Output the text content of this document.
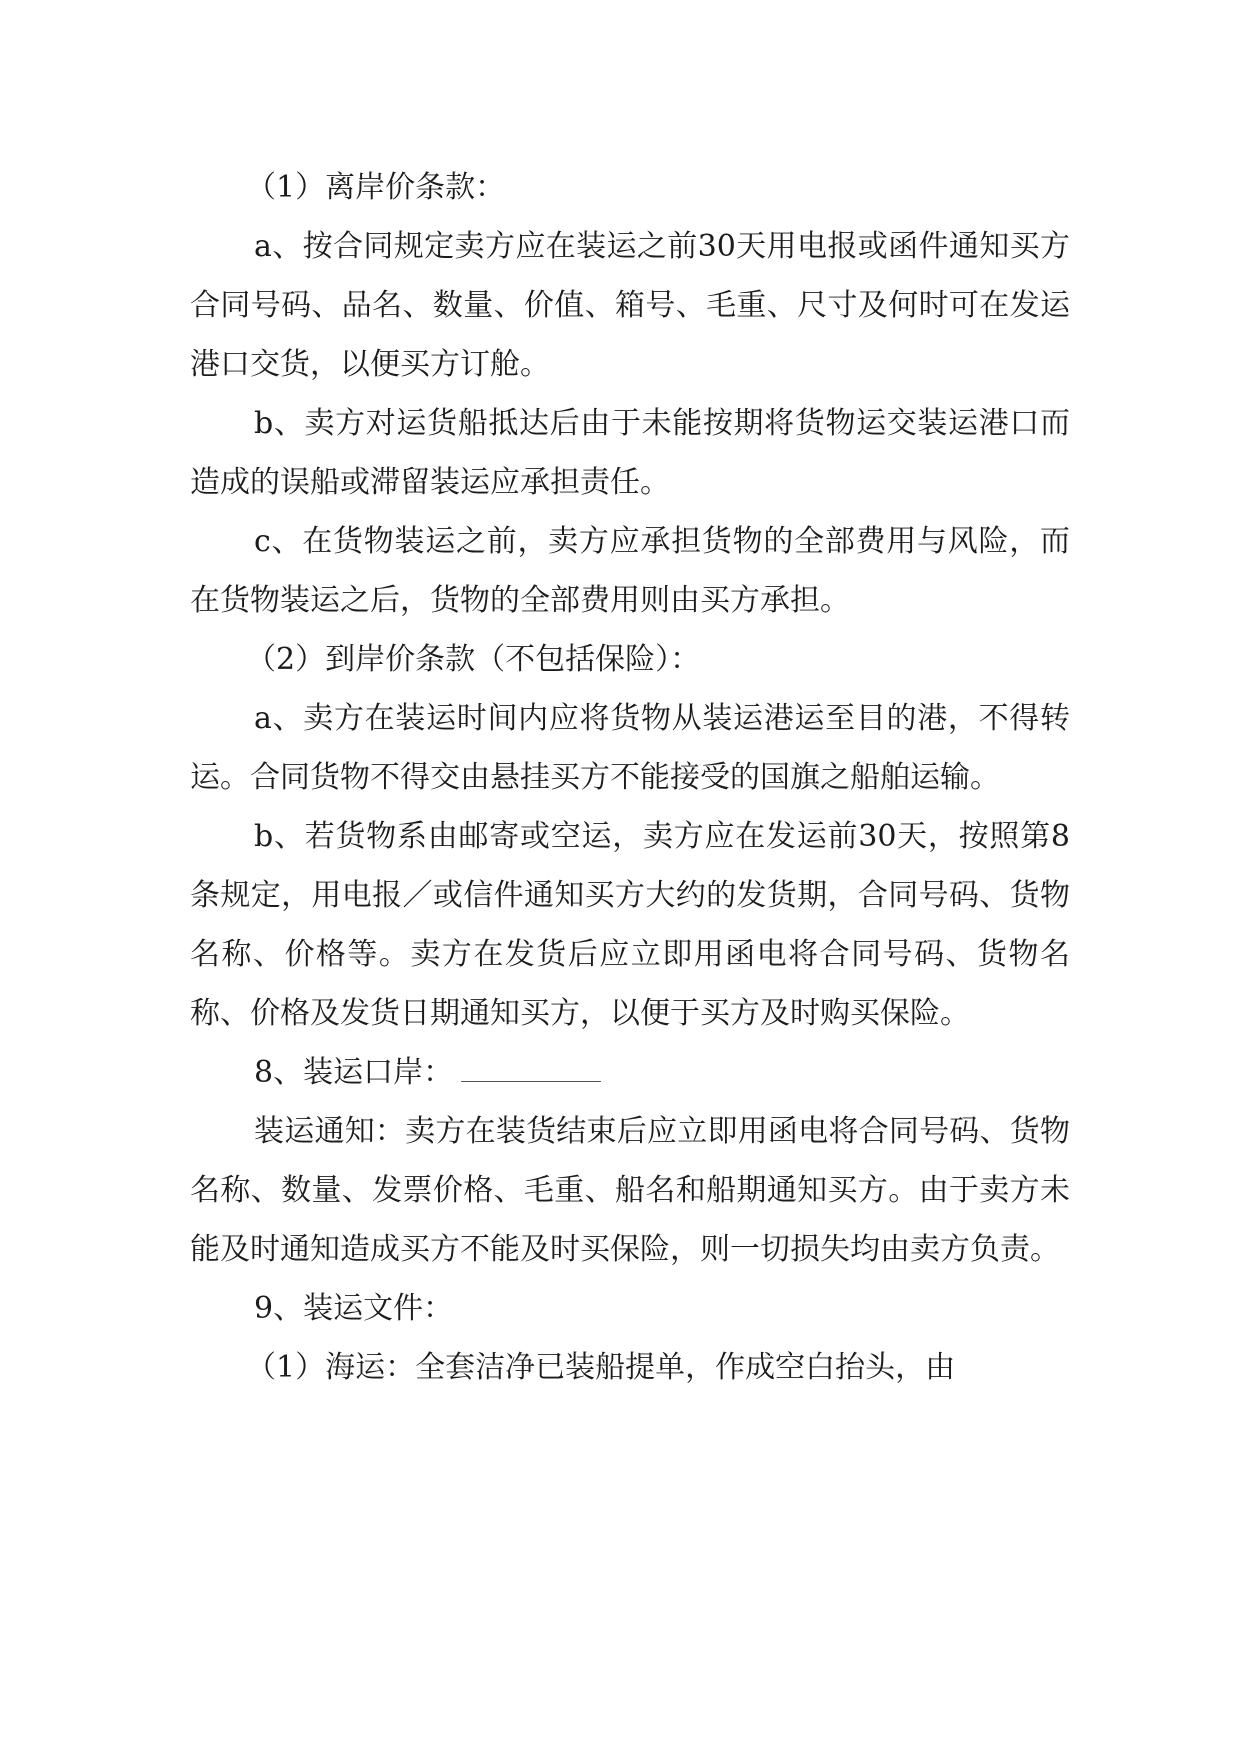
（1）离岸价条款：

a、按合同规定卖方应在装运之前30天用电报或函件通知买方合同号码、品名、数量、价值、箱号、毛重、尺寸及何时可在发运港口交货，以便买方订舱。

b、卖方对运货船抵达后由于未能按期将货物运交装运港口而造成的误船或滞留装运应承担责任。

c、在货物装运之前，卖方应承担货物的全部费用与风险，而在货物装运之后，货物的全部费用则由买方承担。

（2）到岸价条款（不包括保险）：

a、卖方在装运时间内应将货物从装运港运至目的港，不得转运。合同货物不得交由悬挂买方不能接受的国旗之船舶运输。

b、若货物系由邮寄或空运，卖方应在发运前30天，按照第8条规定，用电报／或信件通知买方大约的发货期，合同号码、货物名称、价格等。卖方在发货后应立即用函电将合同号码、货物名称、价格及发货日期通知买方，以便于买方及时购买保险。

8、装运口岸：

装运通知：卖方在装货结束后应立即用函电将合同号码、货物名称、数量、发票价格、毛重、船名和船期通知买方。由于卖方未能及时通知造成买方不能及时买保险，则一切损失均由卖方负责。

9、装运文件：

（1）海运：全套洁净已装船提单，作成空白抬头，由
